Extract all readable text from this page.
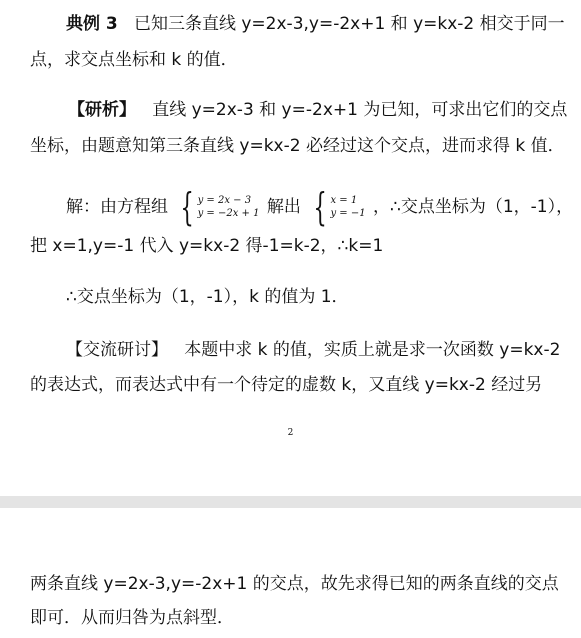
典例 3 已知三条直线 y=2x-3,y=-2x+1 和 y=kx-2 相交于同一
点，求交点坐标和 k 的值．
【研析】 直线 y=2x-3 和 y=-2x+1 为已知，可求出它们的交点
坐标，由题意知第三条直线 y=kx-2 必经过这个交点，进而求得 k 值．
解：由方程组 { y = 2x − 3
y = −2x + 1 解出 { x = 1
y = −1 ，∴交点坐标为（1，-1），
把 x=1,y=-1 代入 y=kx-2 得-1=k-2，∴k=1
∴交点坐标为（1，-1），k 的值为 1．
【交流研讨】 本题中求 k 的值，实质上就是求一次函数 y=kx-2
的表达式，而表达式中有一个待定的虚数 k，又直线 y=kx-2 经过另
2
两条直线 y=2x-3,y=-2x+1 的交点，故先求得已知的两条直线的交点
即可．从而归咎为点斜型．
